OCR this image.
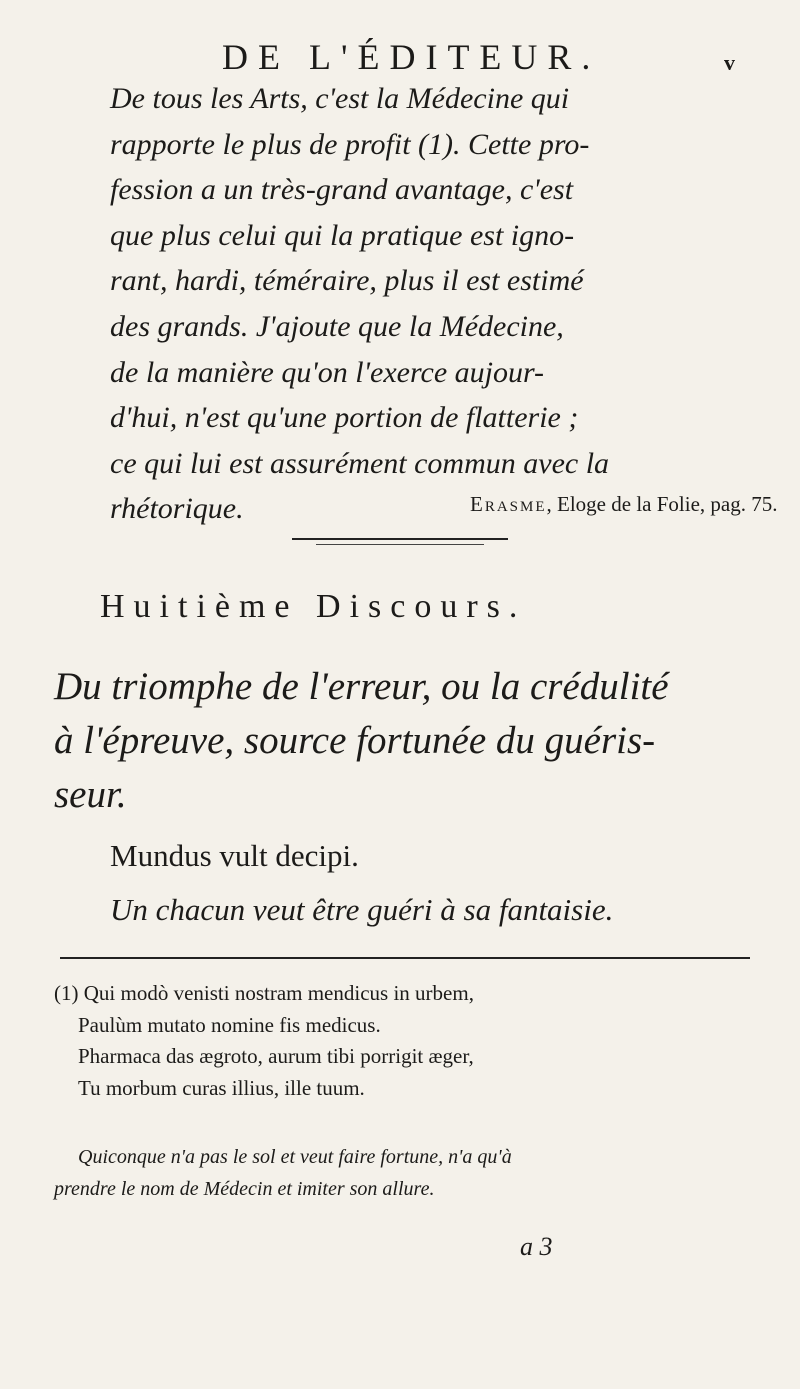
DE L'ÉDITEUR.	v

De tous les Arts, c'est la Médecine qui

rapporte le plus de profit (1). Cette pro-

fession a un très-grand avantage, c'est

que plus celui qui la pratique est igno-

rant, hardi, téméraire, plus il est estimé

des grands. J'ajoute que la Médecine,

de la manière qu'on l'exerce aujour-

d'hui, n'est qu'une portion de flatterie ;

ce qui lui est assurément commun avec la

rhétorique.	Erasme, Eloge de la Folie, pag. 75.
Huitième Discours.

Du triomphe de l'erreur, ou la crédulité

à l'épreuve, source fortunée du guéris-

seur.

Mundus vult decipi.
Un chacun veut être guéri à sa fantaisie.

(1) Qui modò venisti nostram mendicus in urbem,

Paulùm mutato nomine fis medicus.

Pharmaca das ægroto, aurum tibi porrigit æger,

Tu morbum curas illius, ille tuum.

Quiconque n'a pas le sol et veut faire fortune, n'a qu'à

prendre le nom de Médecin et imiter son allure.

a 3
